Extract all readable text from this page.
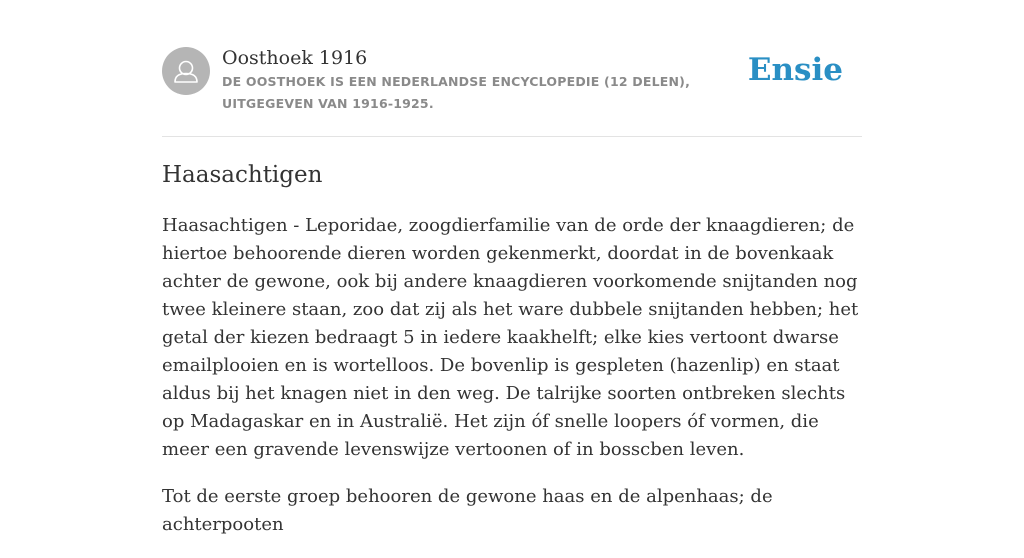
Oosthoek 1916

DE OOSTHOEK IS EEN NEDERLANDSE ENCYCLOPEDIE (12 DELEN), UITGEGEVEN VAN 1916-1925.

Ensie
Haasachtigen

Haasachtigen - Leporidae, zoogdierfamilie van de orde der knaagdieren; de hiertoe behoorende dieren worden gekenmerkt, doordat in de bovenkaak achter de gewone, ook bij andere knaagdieren voorkomende snijtanden nog twee kleinere staan, zoo dat zij als het ware dubbele snijtanden hebben; het getal der kiezen bedraagt 5 in iedere kaakhelft; elke kies vertoont dwarse emailplooien en is wortelloos. De bovenlip is gespleten (hazenlip) en staat aldus bij het knagen niet in den weg. De talrijke soorten ontbreken slechts op Madagaskar en in Australië. Het zijn óf snelle loopers óf vormen, die meer een gravende levenswijze vertoonen of in bosscben leven.

Tot de eerste groep behooren de gewone haas en de alpenhaas; de achterpooten
